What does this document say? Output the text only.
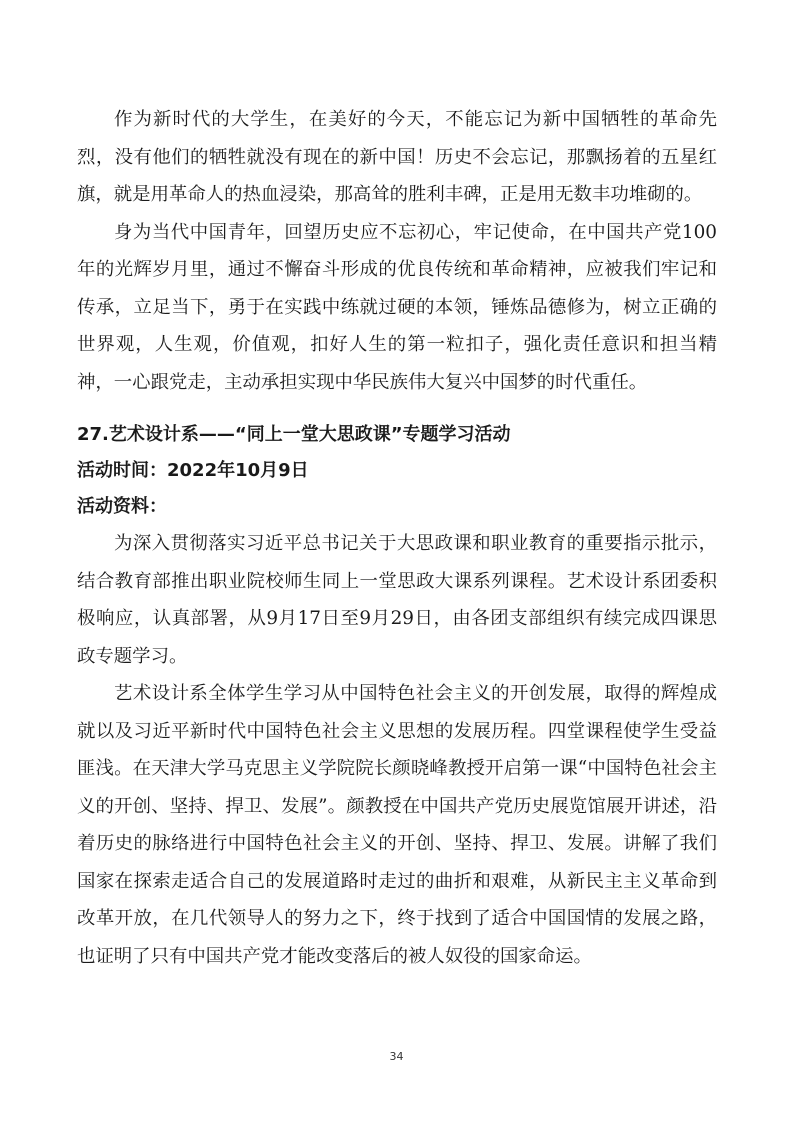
作为新时代的大学生，在美好的今天，不能忘记为新中国牺牲的革命先烈，没有他们的牺牲就没有现在的新中国！历史不会忘记，那飘扬着的五星红旗，就是用革命人的热血浸染，那高耸的胜利丰碑，正是用无数丰功堆砌的。

身为当代中国青年，回望历史应不忘初心，牢记使命，在中国共产党100年的光辉岁月里，通过不懈奋斗形成的优良传统和革命精神，应被我们牢记和传承，立足当下，勇于在实践中练就过硬的本领，锤炼品德修为，树立正确的世界观，人生观，价值观，扣好人生的第一粒扣子，强化责任意识和担当精神，一心跟党走，主动承担实现中华民族伟大复兴中国梦的时代重任。

27.艺术设计系——“同上一堂大思政课”专题学习活动

活动时间：2022年10月9日

活动资料：

为深入贯彻落实习近平总书记关于大思政课和职业教育的重要指示批示，结合教育部推出职业院校师生同上一堂思政大课系列课程。艺术设计系团委积极响应，认真部署，从9月17日至9月29日，由各团支部组织有续完成四课思政专题学习。

艺术设计系全体学生学习从中国特色社会主义的开创发展，取得的辉煌成就以及习近平新时代中国特色社会主义思想的发展历程。四堂课程使学生受益匪浅。在天津大学马克思主义学院院长颜晓峰教授开启第一课“中国特色社会主义的开创、坚持、捍卫、发展”。颜教授在中国共产党历史展览馆展开讲述，沿着历史的脉络进行中国特色社会主义的开创、坚持、捍卫、发展。讲解了我们国家在探索走适合自己的发展道路时走过的曲折和艰难，从新民主主义革命到改革开放，在几代领导人的努力之下，终于找到了适合中国国情的发展之路，也证明了只有中国共产党才能改变落后的被人奴役的国家命运。

34
